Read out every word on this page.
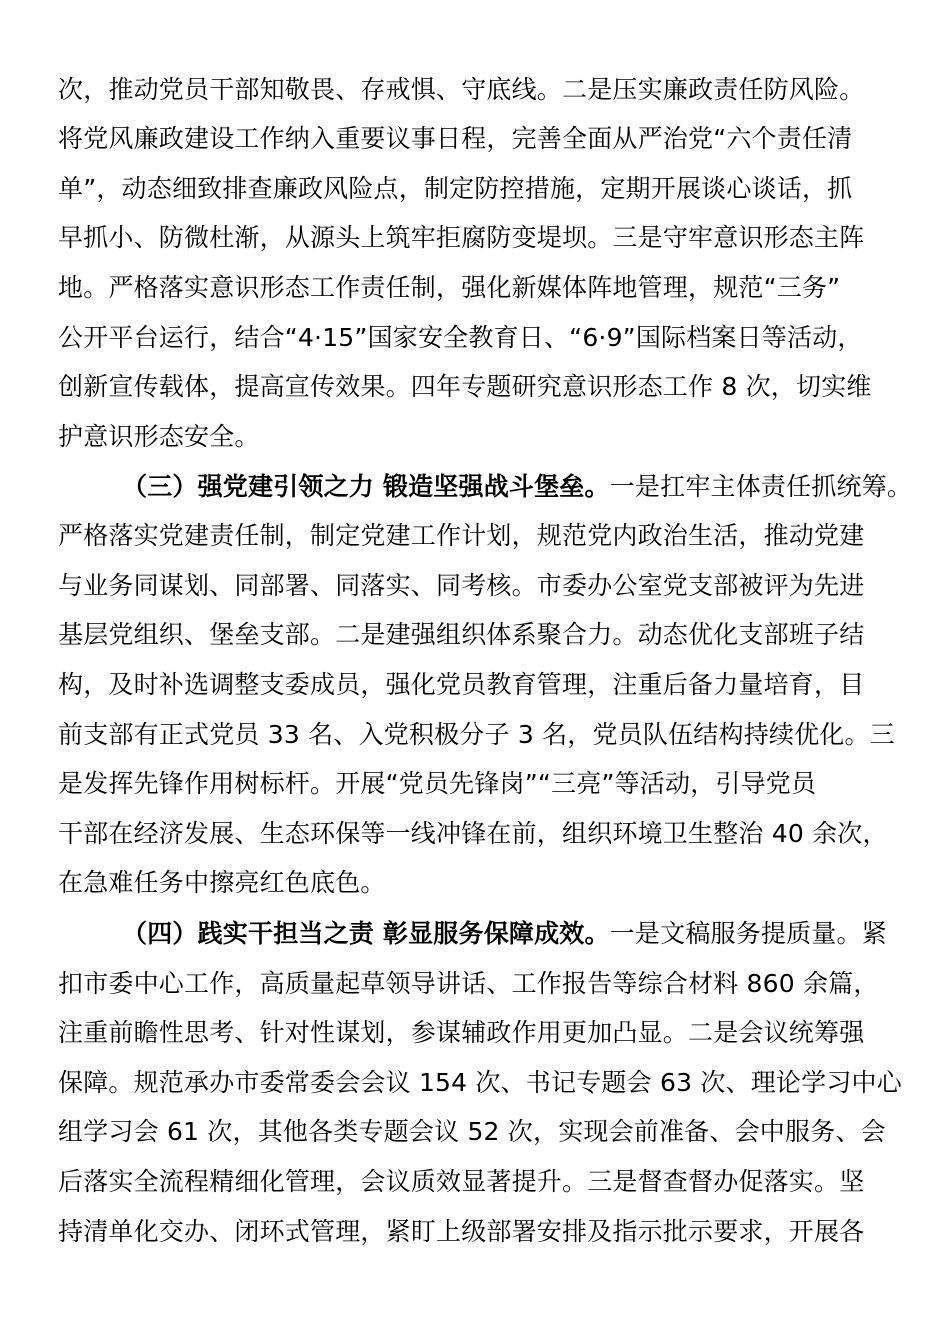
次，推动党员干部知敬畏、存戒惧、守底线。二是压实廉政责任防风险。
将党风廉政建设工作纳入重要议事日程，完善全面从严治党“六个责任清
单”，动态细致排查廉政风险点，制定防控措施，定期开展谈心谈话，抓
早抓小、防微杜渐，从源头上筑牢拒腐防变堤坝。三是守牢意识形态主阵
地。严格落实意识形态工作责任制，强化新媒体阵地管理，规范“三务”
公开平台运行，结合“4·15”国家安全教育日、“6·9”国际档案日等活动，
创新宣传载体，提高宣传效果。四年专题研究意识形态工作 8 次，切实维
护意识形态安全。
（三）强党建引领之力 锻造坚强战斗堡垒。一是扛牢主体责任抓统筹。
严格落实党建责任制，制定党建工作计划，规范党内政治生活，推动党建
与业务同谋划、同部署、同落实、同考核。市委办公室党支部被评为先进
基层党组织、堡垒支部。二是建强组织体系聚合力。动态优化支部班子结
构，及时补选调整支委成员，强化党员教育管理，注重后备力量培育，目
前支部有正式党员 33 名、入党积极分子 3 名，党员队伍结构持续优化。三
是发挥先锋作用树标杆。开展“党员先锋岗”“三亮”等活动，引导党员
干部在经济发展、生态环保等一线冲锋在前，组织环境卫生整治 40 余次，
在急难任务中擦亮红色底色。
（四）践实干担当之责 彰显服务保障成效。一是文稿服务提质量。紧
扣市委中心工作，高质量起草领导讲话、工作报告等综合材料 860 余篇，
注重前瞻性思考、针对性谋划，参谋辅政作用更加凸显。二是会议统筹强
保障。规范承办市委常委会会议 154 次、书记专题会 63 次、理论学习中心
组学习会 61 次，其他各类专题会议 52 次，实现会前准备、会中服务、会
后落实全流程精细化管理，会议质效显著提升。三是督查督办促落实。坚
持清单化交办、闭环式管理，紧盯上级部署安排及指示批示要求，开展各
